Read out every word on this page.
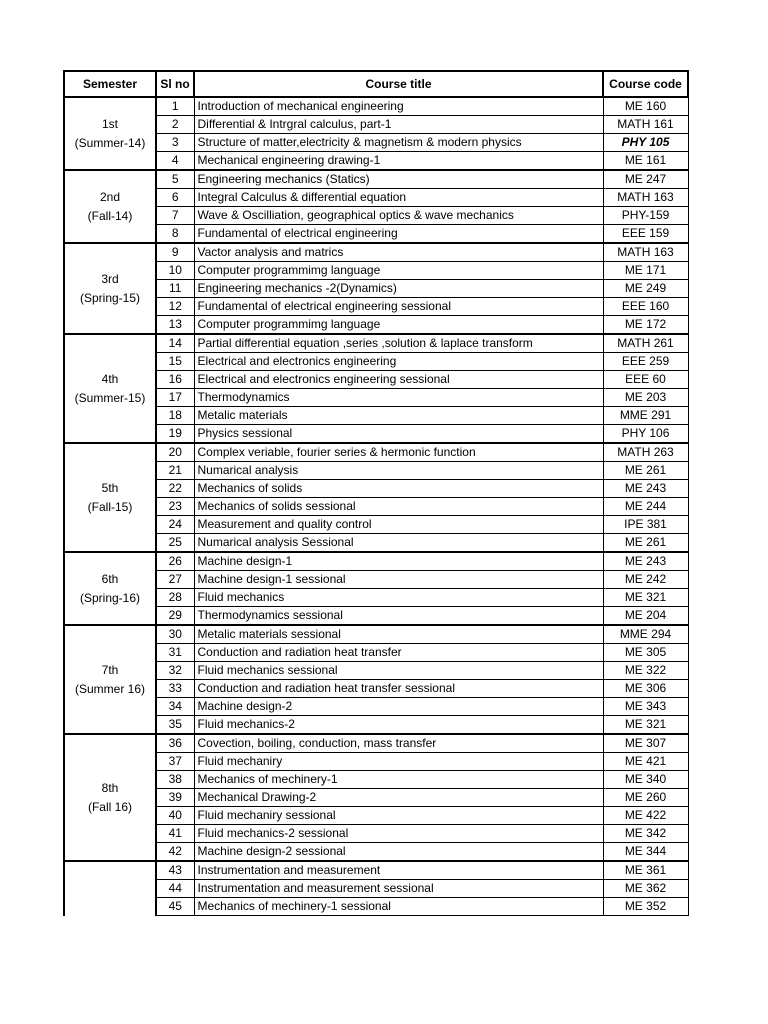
Semester	Sl no	Course title	Course code

1st
(Summer-14)	1	Introduction of mechanical engineering	ME 160
	2	Differential & Intrgral calculus, part-1	MATH 161
	3	Structure of matter,electricity & magnetism & modern physics	PHY 105
	4	Mechanical engineering drawing-1	ME 161

2nd
(Fall-14)	5	Engineering mechanics (Statics)	ME 247
	6	Integral Calculus & differential equation	MATH 163
	7	Wave & Oscilliation, geographical optics & wave mechanics	PHY-159
	8	Fundamental of electrical engineering	EEE 159

3rd
(Spring-15)	9	Vactor analysis and matrics	MATH 163
	10	Computer programmimg language	ME 171
	11	Engineering mechanics -2(Dynamics)	ME 249
	12	Fundamental of electrical engineering sessional	EEE 160
	13	Computer programmimg language	ME 172

4th
(Summer-15)	14	Partial differential equation ,series ,solution & laplace transform	MATH 261
	15	Electrical and electronics engineering	EEE 259
	16	Electrical and electronics engineering sessional	EEE 60
	17	Thermodynamics	ME 203
	18	Metalic materials	MME 291
	19	Physics sessional	PHY 106

5th
(Fall-15)	20	Complex veriable, fourier series & hermonic function	MATH 263
	21	Numarical analysis	ME 261
	22	Mechanics of solids	ME 243
	23	Mechanics of solids sessional	ME 244
	24	Measurement and quality control	IPE 381
	25	Numarical analysis Sessional	ME 261

6th
(Spring-16)	26	Machine design-1	ME 243
	27	Machine design-1 sessional	ME 242
	28	Fluid mechanics	ME 321
	29	Thermodynamics sessional	ME 204

7th
(Summer 16)	30	Metalic materials sessional	MME 294
	31	Conduction and radiation heat transfer	ME 305
	32	Fluid mechanics sessional	ME 322
	33	Conduction and radiation heat transfer sessional	ME 306
	34	Machine design-2	ME 343
	35	Fluid mechanics-2	ME 321

8th
(Fall 16)	36	Covection, boiling, conduction, mass transfer	ME 307
	37	Fluid mechaniry	ME 421
	38	Mechanics of mechinery-1	ME 340
	39	Mechanical Drawing-2	ME 260
	40	Fluid mechaniry sessional	ME 422
	41	Fluid mechanics-2 sessional	ME 342
	42	Machine design-2 sessional	ME 344

	43	Instrumentation and measurement	ME 361
	44	Instrumentation and measurement sessional	ME 362
	45	Mechanics of mechinery-1 sessional	ME 352
